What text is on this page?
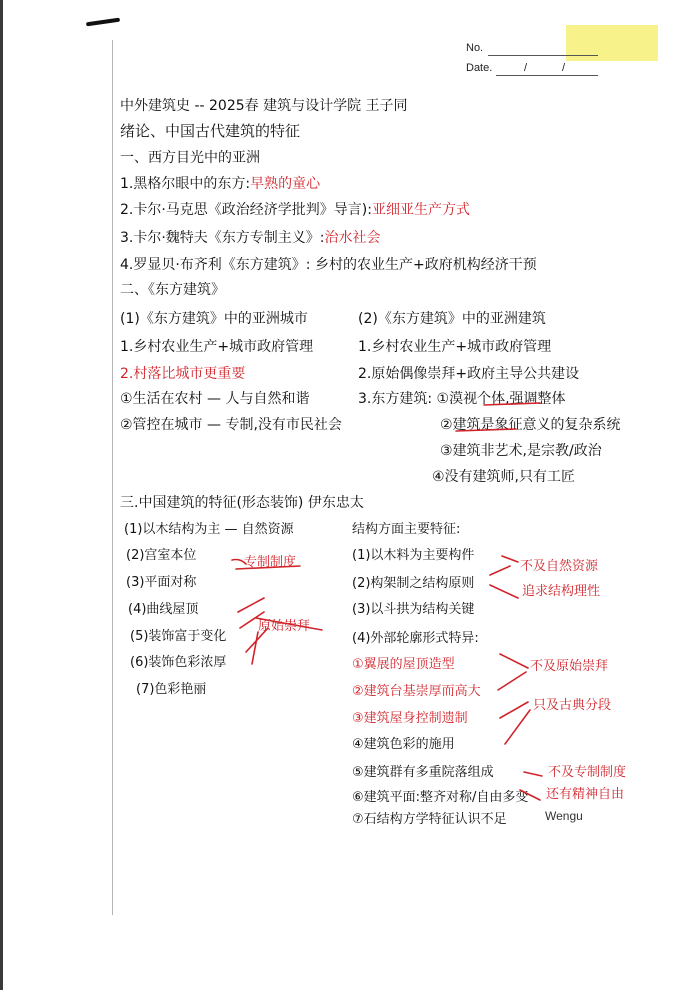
No.
Date.	/	/
中外建筑史 -- 2025春 建筑与设计学院 王子同
绪论、中国古代建筑的特征
一、西方目光中的亚洲
1.黑格尔眼中的东方:早熟的童心
2.卡尔·马克思《政治经济学批判》导言):亚细亚生产方式
3.卡尔·魏特夫《东方专制主义》:治水社会
4.罗显贝·布齐利《东方建筑》: 乡村的农业生产+政府机构经济干预
二、《东方建筑》
(1)《东方建筑》中的亚洲城市
1.乡村农业生产+城市政府管理
2.村落比城市更重要
①生活在农村 — 人与自然和谐
②管控在城市 — 专制,没有市民社会
(2)《东方建筑》中的亚洲建筑
1.乡村农业生产+城市政府管理
2.原始偶像崇拜+政府主导公共建设
3.东方建筑: ①漠视个体,强调整体
②建筑是象征意义的复杂系统
③建筑非艺术,是宗教/政治
④没有建筑师,只有工匠
三.中国建筑的特征(形态装饰) 伊东忠太
(1)以木结构为主 — 自然资源
(2)宫室本位
(3)平面对称
(4)曲线屋顶
(5)装饰富于变化
(6)装饰色彩浓厚
(7)色彩艳丽
专制制度
原始崇拜
结构方面主要特征:
(1)以木料为主要构件
(2)构架制之结构原则
(3)以斗拱为结构关键
(4)外部轮廓形式特异:
①翼展的屋顶造型
②建筑台基崇厚而高大
③建筑屋身控制遗制
④建筑色彩的施用
⑤建筑群有多重院落组成
⑥建筑平面:整齐对称/自由多变
⑦石结构方学特征认识不足
不及自然资源
追求结构理性
不及原始崇拜
只及古典分段
不及专制制度
还有精神自由
Wengu
